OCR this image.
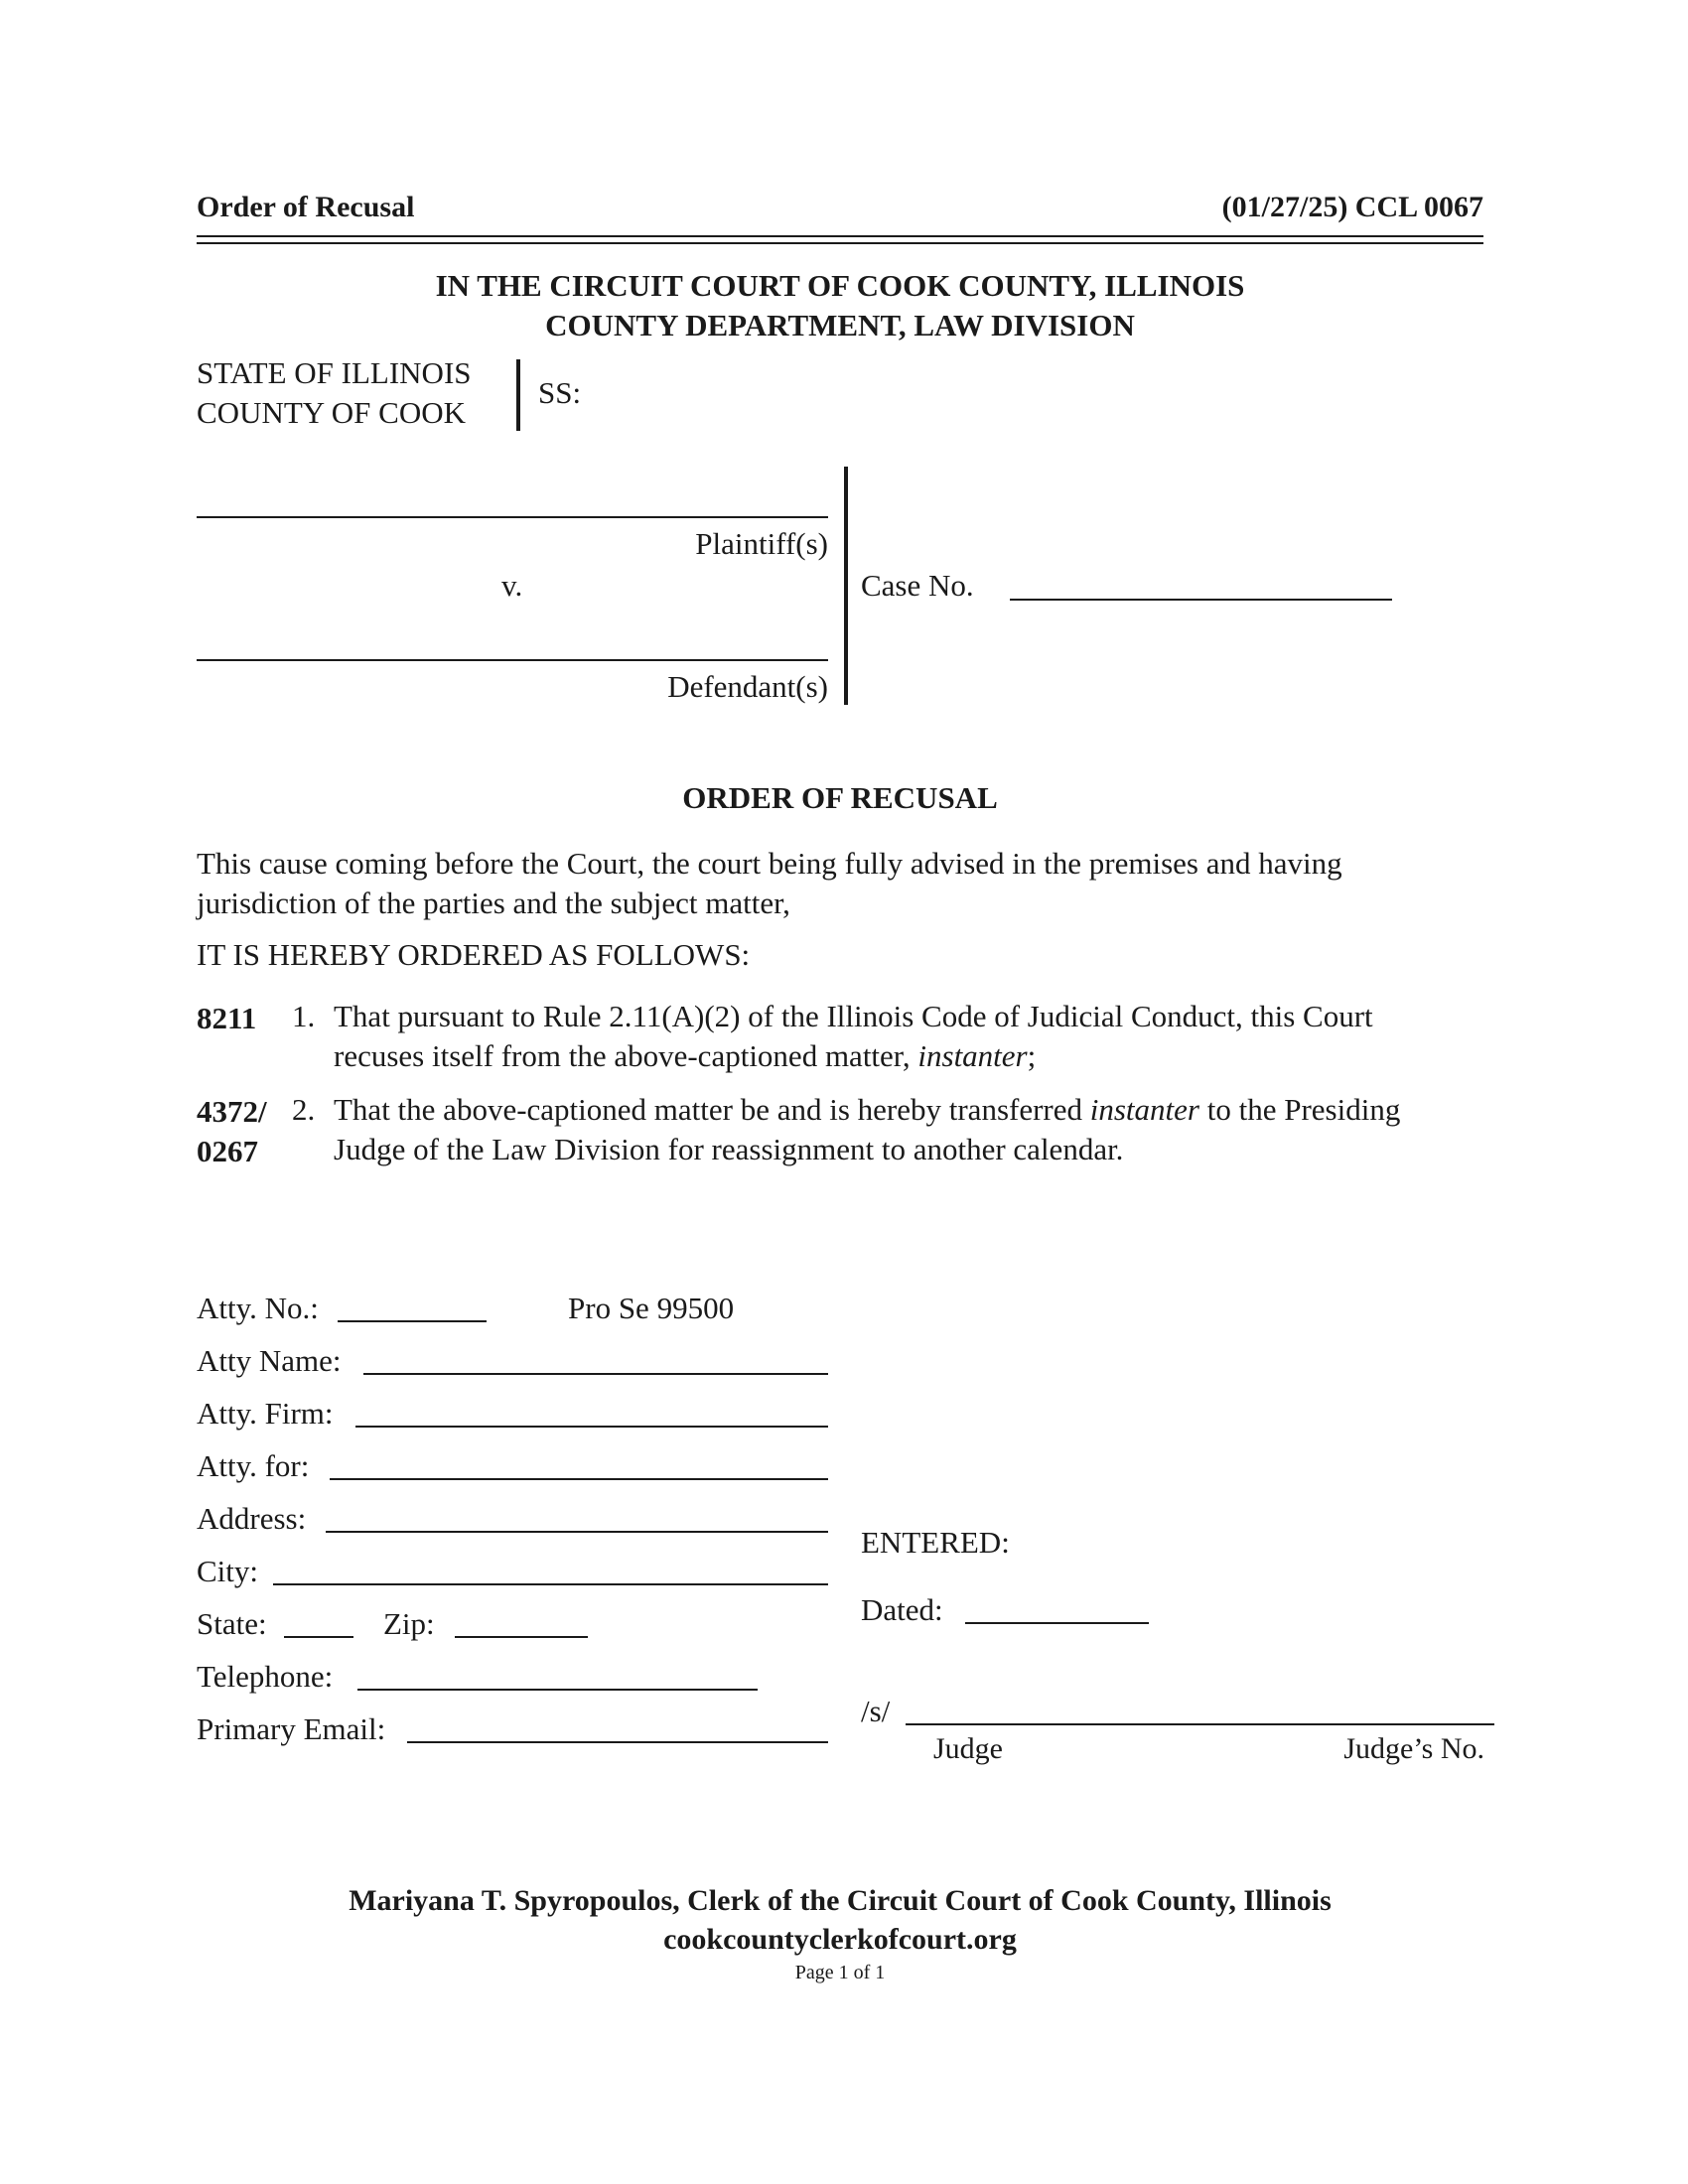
Order of Recusal	(01/27/25) CCL 0067
IN THE CIRCUIT COURT OF COOK COUNTY, ILLINOIS
COUNTY DEPARTMENT, LAW DIVISION
STATE OF ILLINOIS
COUNTY OF COOK
SS:
Plaintiff(s)
v.
Defendant(s)
Case No.
ORDER OF RECUSAL
This cause coming before the Court, the court being fully advised in the premises and having
jurisdiction of the parties and the subject matter,
IT IS HEREBY ORDERED AS FOLLOWS:
8211 1. That pursuant to Rule 2.11(A)(2) of the Illinois Code of Judicial Conduct, this Court
recuses itself from the above-captioned matter, instanter;
4372/
0267
2. That the above-captioned matter be and is hereby transferred instanter to the Presiding
Judge of the Law Division for reassignment to another calendar.
Atty. No.:	Pro Se 99500
Atty Name:
Atty. Firm:
Atty. for:
Address:
City:
State:	Zip:
Telephone:
Primary Email:
ENTERED:
Dated:
/s/
Judge	Judge’s No.
Mariyana T. Spyropoulos, Clerk of the Circuit Court of Cook County, Illinois
cookcountyclerkofcourt.org
Page 1 of 1
